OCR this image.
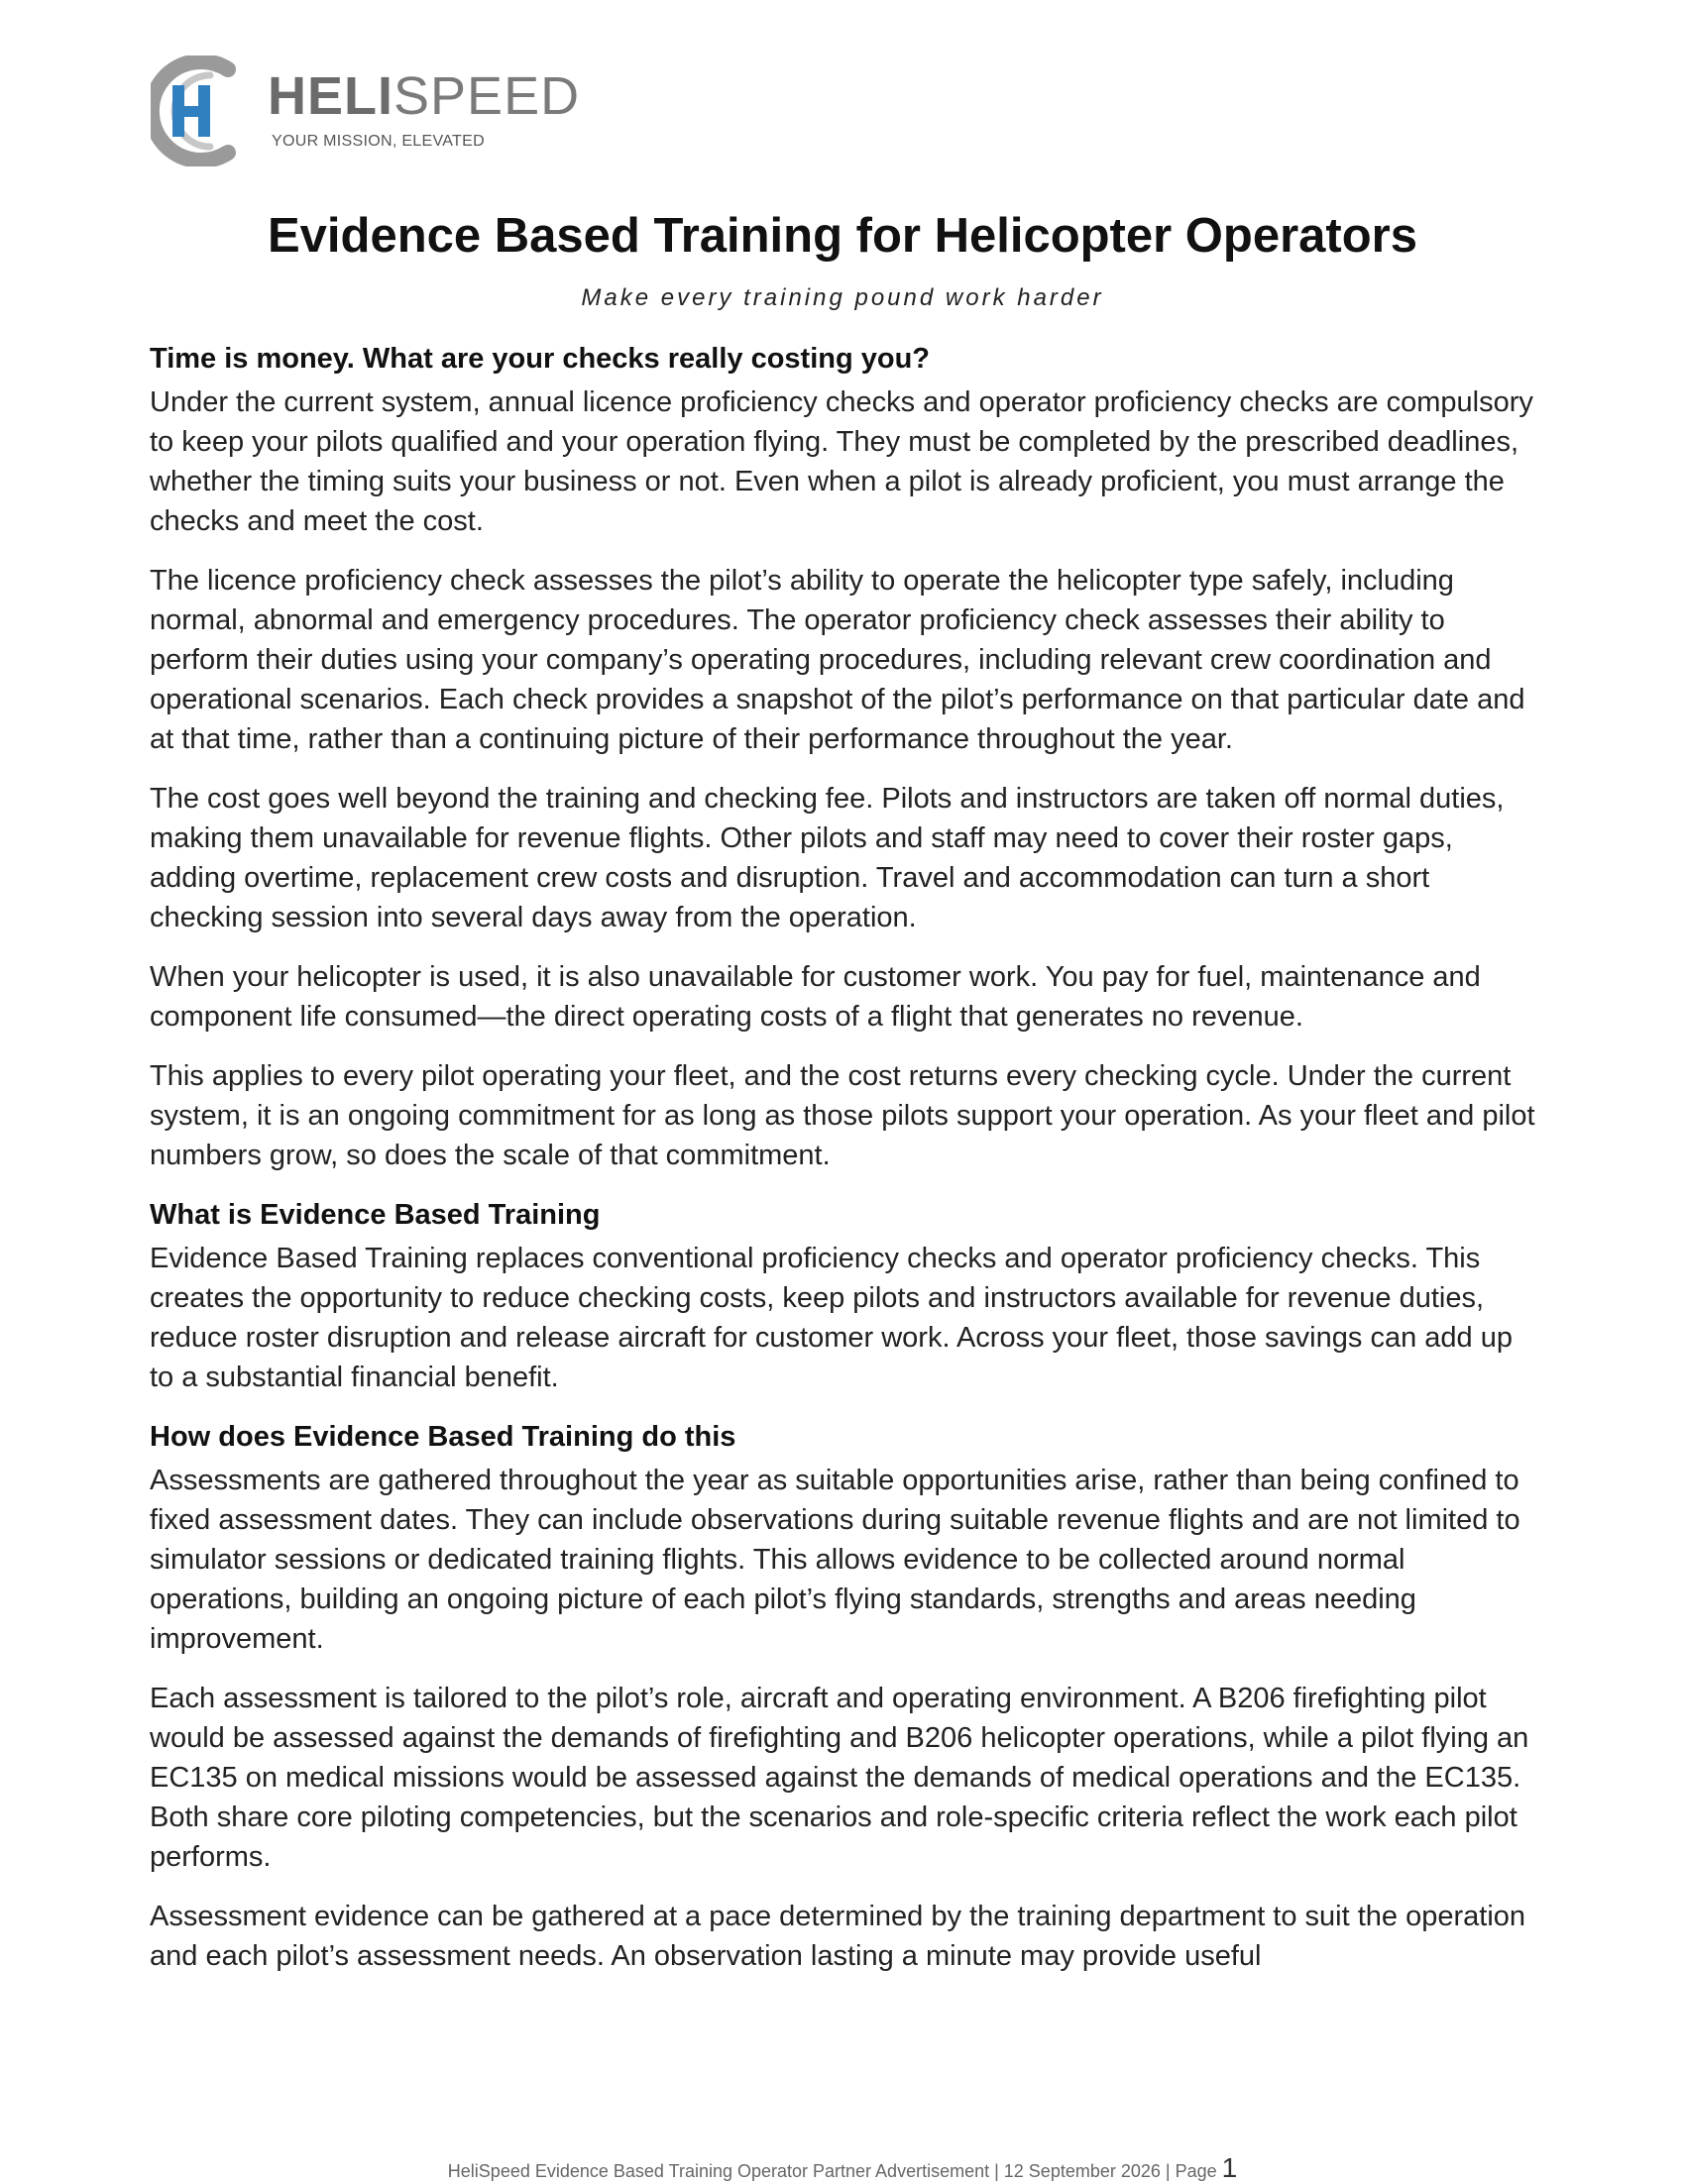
HELISPEED
YOUR MISSION, ELEVATED
Evidence Based Training for Helicopter Operators
Make every training pound work harder
Time is money. What are your checks really costing you?

Under the current system, annual licence proficiency checks and operator proficiency checks are compulsory to keep your pilots qualified and your operation flying. They must be completed by the prescribed deadlines, whether the timing suits your business or not. Even when a pilot is already proficient, you must arrange the checks and meet the cost.

The licence proficiency check assesses the pilot’s ability to operate the helicopter type safely, including normal, abnormal and emergency procedures. The operator proficiency check assesses their ability to perform their duties using your company’s operating procedures, including relevant crew coordination and operational scenarios. Each check provides a snapshot of the pilot’s performance on that particular date and at that time, rather than a continuing picture of their performance throughout the year.

The cost goes well beyond the training and checking fee. Pilots and instructors are taken off normal duties, making them unavailable for revenue flights. Other pilots and staff may need to cover their roster gaps, adding overtime, replacement crew costs and disruption. Travel and accommodation can turn a short checking session into several days away from the operation.

When your helicopter is used, it is also unavailable for customer work. You pay for fuel, maintenance and component life consumed—the direct operating costs of a flight that generates no revenue.

This applies to every pilot operating your fleet, and the cost returns every checking cycle. Under the current system, it is an ongoing commitment for as long as those pilots support your operation. As your fleet and pilot numbers grow, so does the scale of that commitment.

What is Evidence Based Training

Evidence Based Training replaces conventional proficiency checks and operator proficiency checks. This creates the opportunity to reduce checking costs, keep pilots and instructors available for revenue duties, reduce roster disruption and release aircraft for customer work. Across your fleet, those savings can add up to a substantial financial benefit.

How does Evidence Based Training do this

Assessments are gathered throughout the year as suitable opportunities arise, rather than being confined to fixed assessment dates. They can include observations during suitable revenue flights and are not limited to simulator sessions or dedicated training flights. This allows evidence to be collected around normal operations, building an ongoing picture of each pilot’s flying standards, strengths and areas needing improvement.

Each assessment is tailored to the pilot’s role, aircraft and operating environment. A B206 firefighting pilot would be assessed against the demands of firefighting and B206 helicopter operations, while a pilot flying an EC135 on medical missions would be assessed against the demands of medical operations and the EC135. Both share core piloting competencies, but the scenarios and role-specific criteria reflect the work each pilot performs.

Assessment evidence can be gathered at a pace determined by the training department to suit the operation and each pilot’s assessment needs. An observation lasting a minute may provide useful

HeliSpeed Evidence Based Training Operator Partner Advertisement | 12 September 2026 | Page 1
